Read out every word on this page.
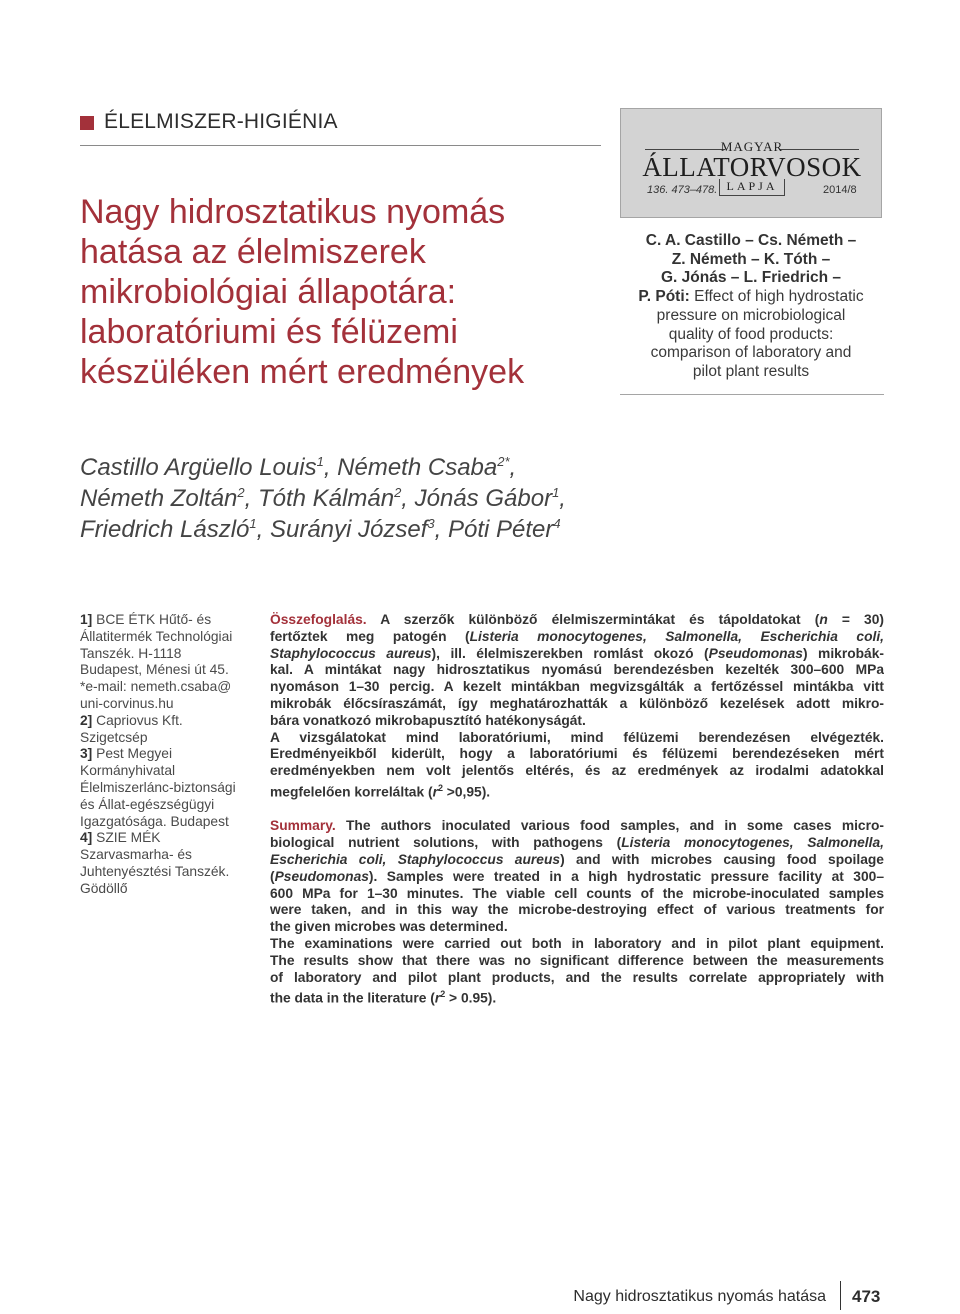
ÉLELMISZER-HIGIÉNIA
Nagy hidrosztatikus nyomás
hatása az élelmiszerek
mikrobiológiai állapotára:
laboratóriumi és félüzemi
készüléken mért eredmények
MAGYAR
ÁLLATORVOSOK
136. 473–478. LAPJA	2014/8
C. A. Castillo – Cs. Németh –
Z. Németh – K. Tóth –
G. Jónás – L. Friedrich –
P. Póti: Effect of high hydrostatic
pressure on microbiological
quality of food products:
comparison of laboratory and
pilot plant results
Castillo Argüello Louis$^1$, Németh Csaba$^{2*}$,
Németh Zoltán$^2$, Tóth Kálmán$^2$, Jónás Gábor$^1$,
Friedrich László$^1$, Surányi József$^3$, Póti Péter$^4$
1] BCE ÉTK Hűtő- és
Állatitermék Technológiai
Tanszék. H-1118
Budapest, Ménesi út 45.
*e-mail: nemeth.csaba@
uni-corvinus.hu
2] Capriovus Kft.
Szigetcsép
3] Pest Megyei
Kormányhivatal
Élelmiszerlánc-biztonsági
és Állat-egészségügyi
Igazgatósága. Budapest
4] SZIE MÉK
Szarvasmarha- és
Juhtenyésztési Tanszék.
Gödöllő
Összefoglalás. A szerzők különböző élelmiszermintákat és tápoldatokat (n = 30)
fertőztek meg patogén (Listeria monocytogenes, Salmonella, Escherichia coli,
Staphylococcus aureus), ill. élelmiszerekben romlást okozó (Pseudomonas) mikrobák-
kal. A mintákat nagy hidrosztatikus nyomású berendezésben kezelték 300–600 MPa
nyomáson 1–30 percig. A kezelt mintákban megvizsgálták a fertőzéssel mintákba vitt
mikrobák élőcsíraszámát, így meghatározhatták a különböző kezelések adott mikro-
bára vonatkozó mikrobapusztító hatékonyságát.
A vizsgálatokat mind laboratóriumi, mind félüzemi berendezésen elvégezték.
Eredményeikből kiderült, hogy a laboratóriumi és félüzemi berendezéseken mért
eredményekben nem volt jelentős eltérés, és az eredmények az irodalmi adatokkal
megfelelően korreláltak $(r^2 >0,95)$.
Summary. The authors inoculated various food samples, and in some cases micro-
biological nutrient solutions, with pathogens (Listeria monocytogenes, Salmonella,
Escherichia coli, Staphylococcus aureus) and with microbes causing food spoilage
(Pseudomonas). Samples were treated in a high hydrostatic pressure facility at 300–
600 MPa for 1–30 minutes. The viable cell counts of the microbe-inoculated samples
were taken, and in this way the microbe-destroying effect of various treatments for
the given microbes was determined.
The examinations were carried out both in laboratory and in pilot plant equipment.
The results show that there was no significant difference between the measurements
of laboratory and pilot plant products, and the results correlate appropriately with
the data in the literature $(r^2 > 0.95)$.
Nagy hidrosztatikus nyomás hatása 473
